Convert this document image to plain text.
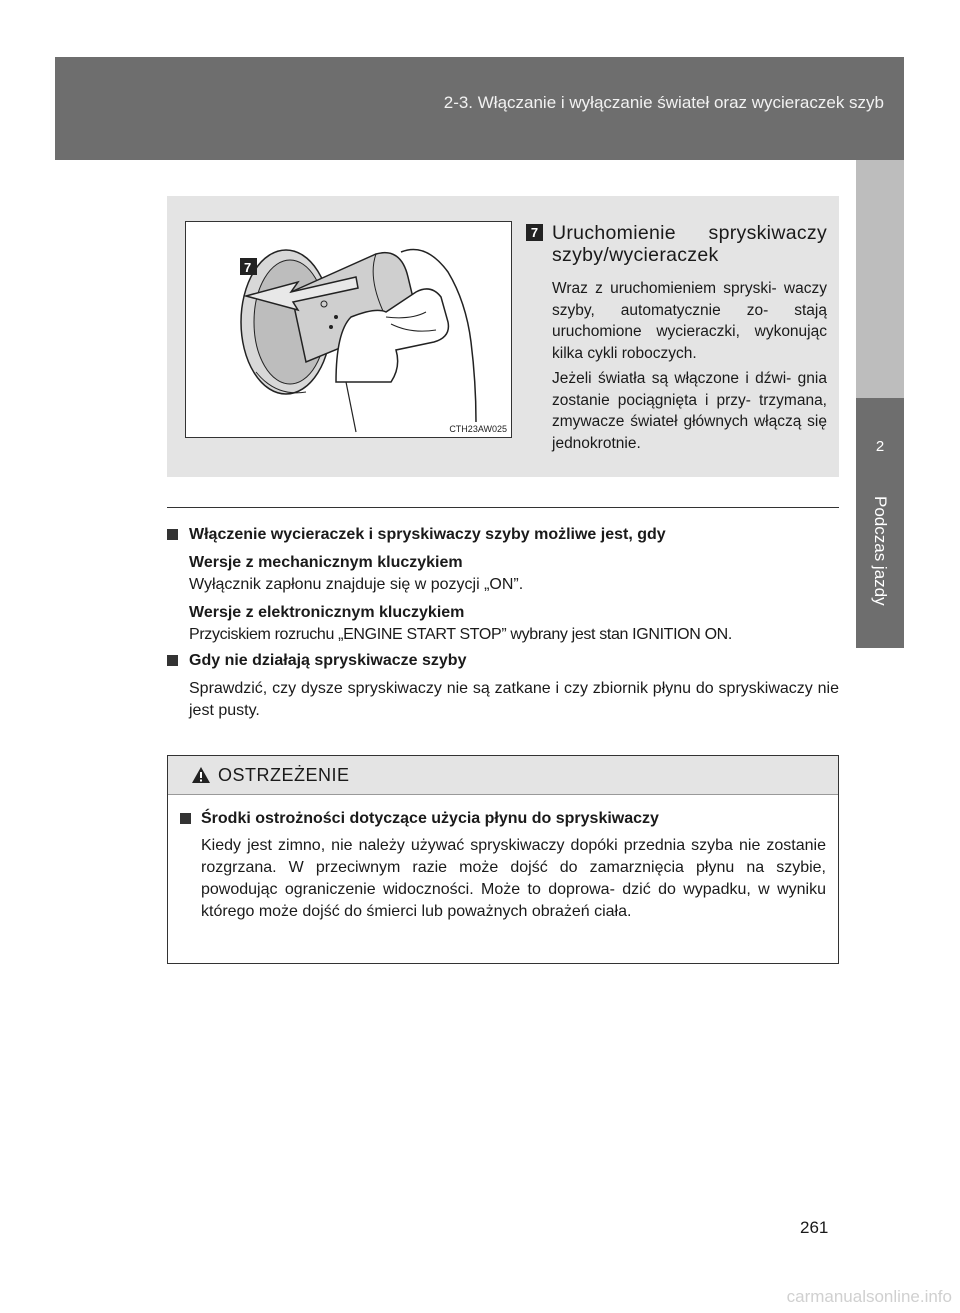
2-3. Włączanie i wyłączanie świateł oraz wycieraczek szyb
2
Podczas jazdy
7
CTH23AW025
7 Uruchomienie spryskiwaczy
szyby/wycieraczek
Wraz z uruchomieniem spryski- waczy szyby, automatycznie zo- stają uruchomione wycieraczki, wykonując kilka cykli roboczych.
Jeżeli światła są włączone i dźwi- gnia zostanie pociągnięta i przy- trzymana, zmywacze świateł głównych włączą się jednokrotnie.
Włączenie wycieraczek i spryskiwaczy szyby możliwe jest, gdy
Wersje z mechanicznym kluczykiem
Wyłącznik zapłonu znajduje się w pozycji „ON”.
Wersje z elektronicznym kluczykiem
Przyciskiem rozruchu „ENGINE START STOP” wybrany jest stan IGNITION ON.
Gdy nie działają spryskiwacze szyby
Sprawdzić, czy dysze spryskiwaczy nie są zatkane i czy zbiornik płynu do spryskiwaczy nie jest pusty.
OSTRZEŻENIE
Środki ostrożności dotyczące użycia płynu do spryskiwaczy
Kiedy jest zimno, nie należy używać spryskiwaczy dopóki przednia szyba nie zostanie rozgrzana. W przeciwnym razie może dojść do zamarznięcia płynu na szybie, powodując ograniczenie widoczności. Może to doprowa- dzić do wypadku, w wyniku którego może dojść do śmierci lub poważnych obrażeń ciała.
261
carmanualsonline.info
